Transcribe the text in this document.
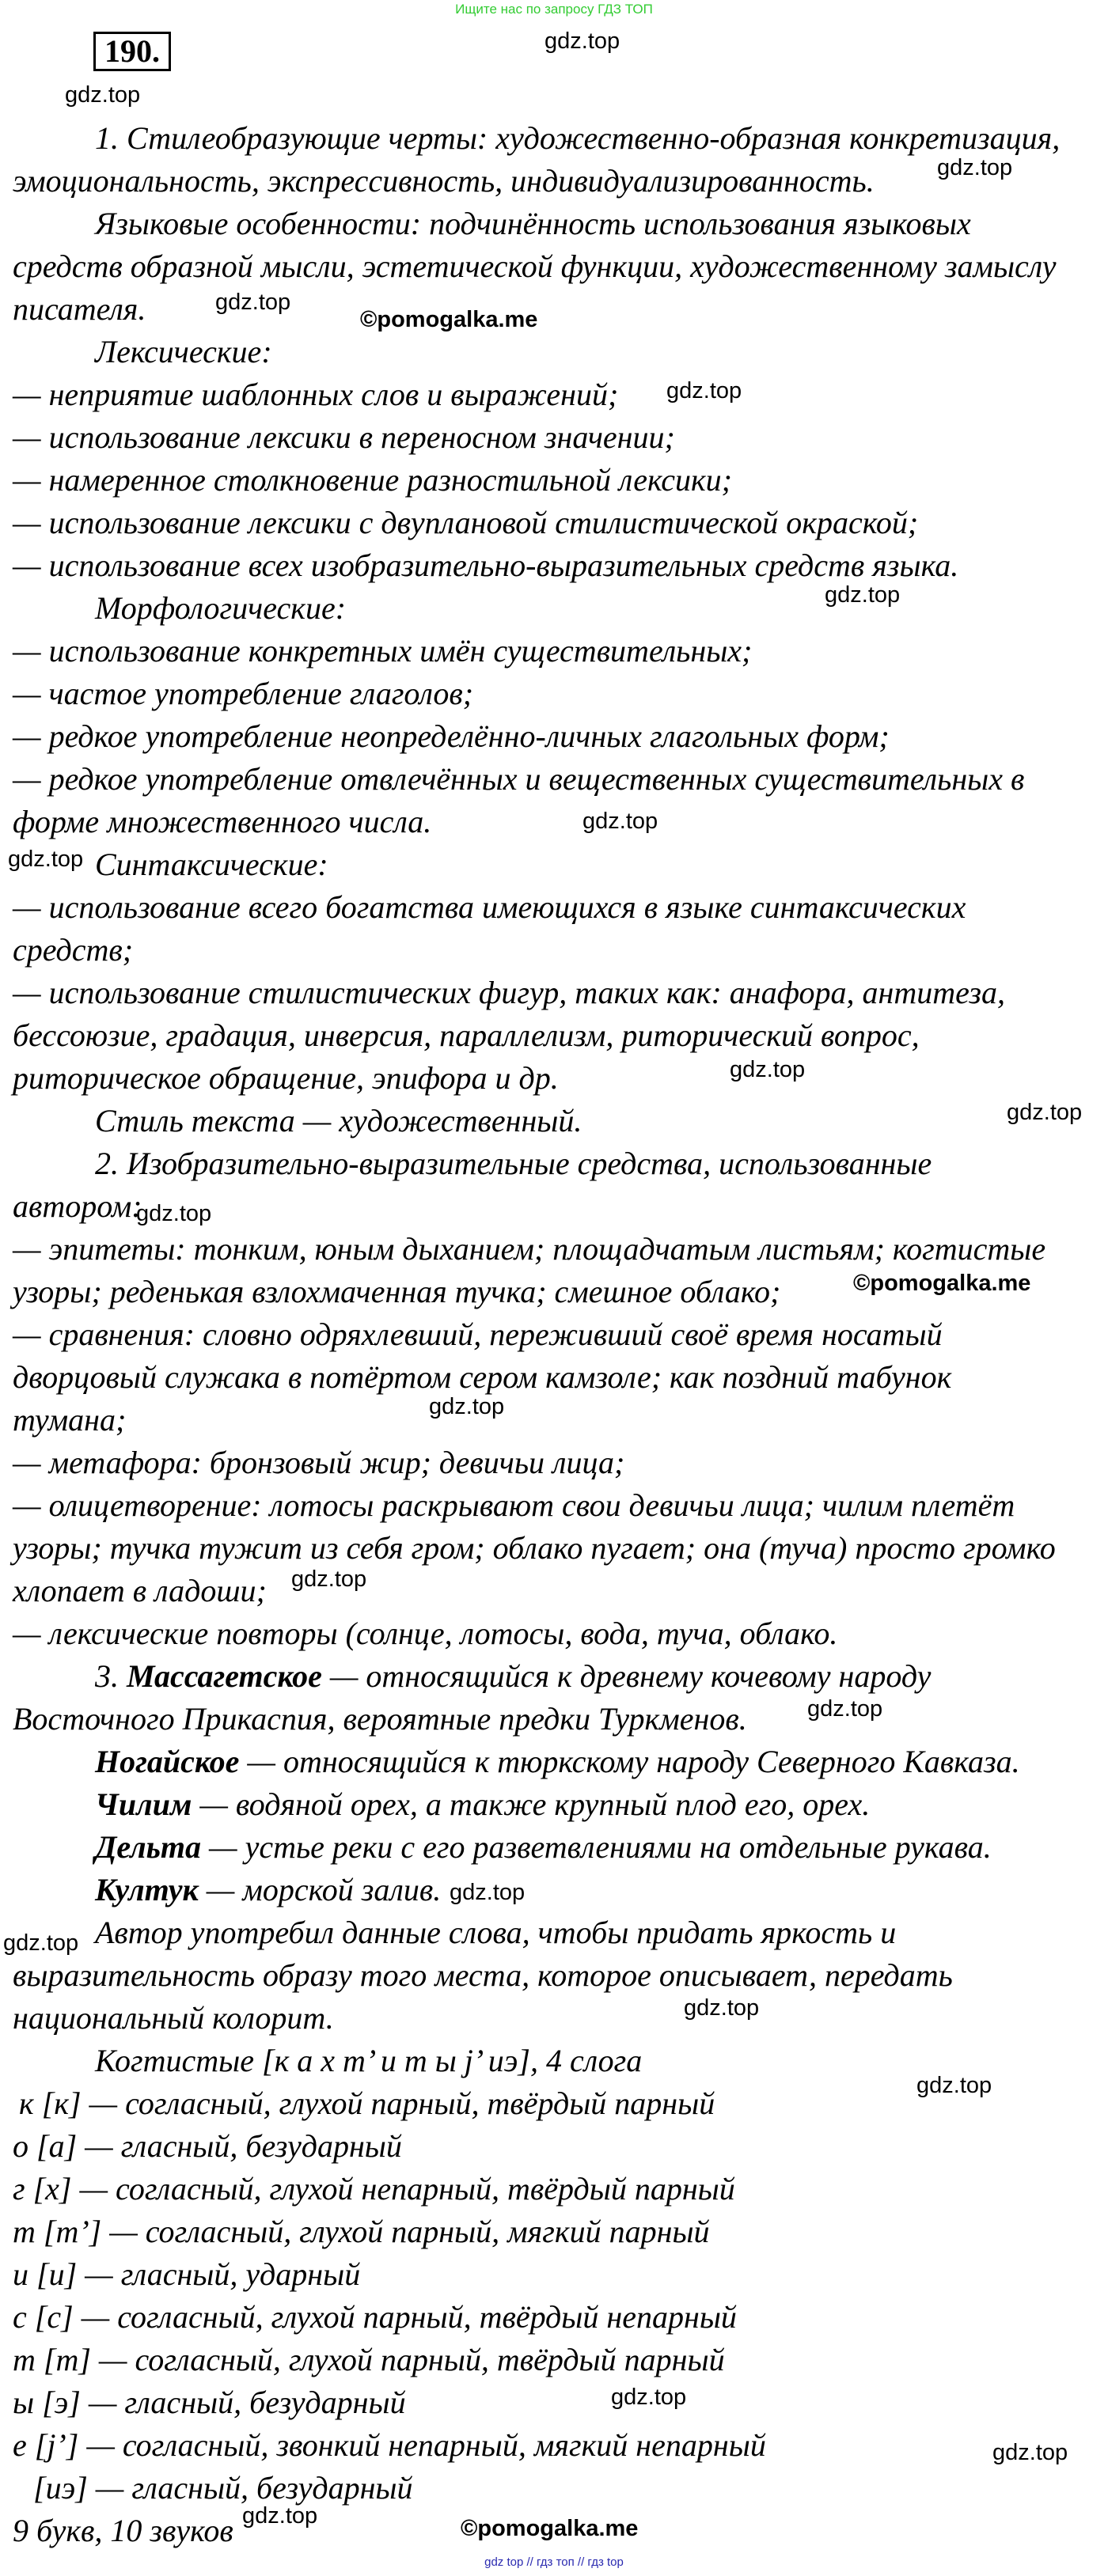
Ищите нас по запросу ГДЗ ТОП
190.
1. Стилеобразующие черты: художественно-образная конкретизация,
эмоциональность, экспрессивность, индивидуализированность.
Языковые особенности: подчинённость использования языковых
средств образной мысли, эстетической функции, художественному замыслу
писателя.
Лексические:
— неприятие шаблонных слов и выражений;
— использование лексики в переносном значении;
— намеренное столкновение разностильной лексики;
— использование лексики с двуплановой стилистической окраской;
— использование всех изобразительно-выразительных средств языка.
Морфологические:
— использование конкретных имён существительных;
— частое употребление глаголов;
— редкое употребление неопределённо-личных глагольных форм;
— редкое употребление отвлечённых и вещественных существительных в
форме множественного числа.
Синтаксические:
— использование всего богатства имеющихся в языке синтаксических
средств;
— использование стилистических фигур, таких как: анафора, антитеза,
бессоюзие, градация, инверсия, параллелизм, риторический вопрос,
риторическое обращение, эпифора и др.
Стиль текста — художественный.
2. Изобразительно-выразительные средства, использованные
автором:
— эпитеты: тонким, юным дыханием; площадчатым листьям; когтистые
узоры; реденькая взлохмаченная тучка; смешное облако;
— сравнения: словно одряхлевший, переживший своё время носатый
дворцовый служака в потёртом сером камзоле; как поздний табунок
тумана;
— метафора: бронзовый жир; девичьи лица;
— олицетворение: лотосы раскрывают свои девичьи лица; чилим плетёт
узоры; тучка тужит из себя гром; облако пугает; она (туча) просто громко
хлопает в ладоши;
— лексические повторы (солнце, лотосы, вода, туча, облако.
3. Массагетское — относящийся к древнему кочевому народу
Восточного Прикаспия, вероятные предки Туркменов.
Ногайское — относящийся к тюркскому народу Северного Кавказа.
Чилим — водяной орех, а также крупный плод его, орех.
Дельта — устье реки с его разветвлениями на отдельные рукава.
Култук — морской залив.
Автор употребил данные слова, чтобы придать яркость и
выразительность образу того места, которое описывает, передать
национальный колорит.
Когтистые [к а х т’ и т ы j’ иэ], 4 слога
к [к] — согласный, глухой парный, твёрдый парный
о [а] — гласный, безударный
г [х] — согласный, глухой непарный, твёрдый парный
т [т’] — согласный, глухой парный, мягкий парный
и [и] — гласный, ударный
с [с] — согласный, глухой парный, твёрдый непарный
т [т] — согласный, глухой парный, твёрдый парный
ы [э] — гласный, безударный
е [j’] — согласный, звонкий непарный, мягкий непарный
[иэ] — гласный, безударный
9 букв, 10 звуков
gdz.top
gdz.top
gdz.top
gdz.top
©pomogalka.me
gdz.top
gdz.top
gdz.top
gdz.top
gdz.top
gdz.top
gdz.top
©pomogalka.me
gdz.top
gdz.top
gdz.top
gdz.top
gdz.top
gdz.top
gdz.top
gdz.top
gdz.top
gdz.top	©pomogalka.me
gdz top // гдз топ // гдз top
